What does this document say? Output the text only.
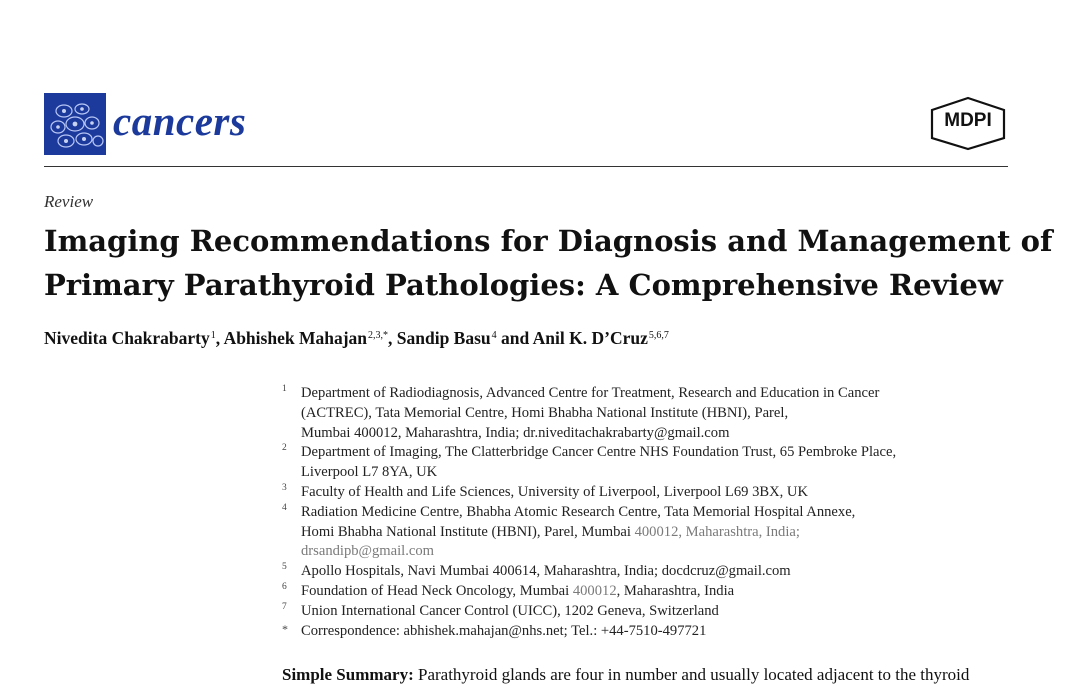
cancers	MDPI
Review
Imaging Recommendations for Diagnosis and Management of
Primary Parathyroid Pathologies: A Comprehensive Review
Nivedita Chakrabarty$^1$, Abhishek Mahajan$^{2,3,*}$, Sandip Basu$^4$ and Anil K. D’Cruz$^{5,6,7}$
1 Department of Radiodiagnosis, Advanced Centre for Treatment, Research and Education in Cancer
(ACTREC), Tata Memorial Centre, Homi Bhabha National Institute (HBNI), Parel,
Mumbai 400012, Maharashtra, India; dr.niveditachakrabarty@gmail.com
2 Department of Imaging, The Clatterbridge Cancer Centre NHS Foundation Trust, 65 Pembroke Place,
Liverpool L7 8YA, UK
3 Faculty of Health and Life Sciences, University of Liverpool, Liverpool L69 3BX, UK
4 Radiation Medicine Centre, Bhabha Atomic Research Centre, Tata Memorial Hospital Annexe,
Homi Bhabha National Institute (HBNI), Parel, Mumbai 400012, Maharashtra, India;
drsandipb@gmail.com
5 Apollo Hospitals, Navi Mumbai 400614, Maharashtra, India; docdcruz@gmail.com
6 Foundation of Head Neck Oncology, Mumbai 400012, Maharashtra, India
7 Union International Cancer Control (UICC), 1202 Geneva, Switzerland
* Correspondence: abhishek.mahajan@nhs.net; Tel.: +44-7510-497721
Simple Summary: Parathyroid glands are four in number and usually located adjacent to the thyroid
